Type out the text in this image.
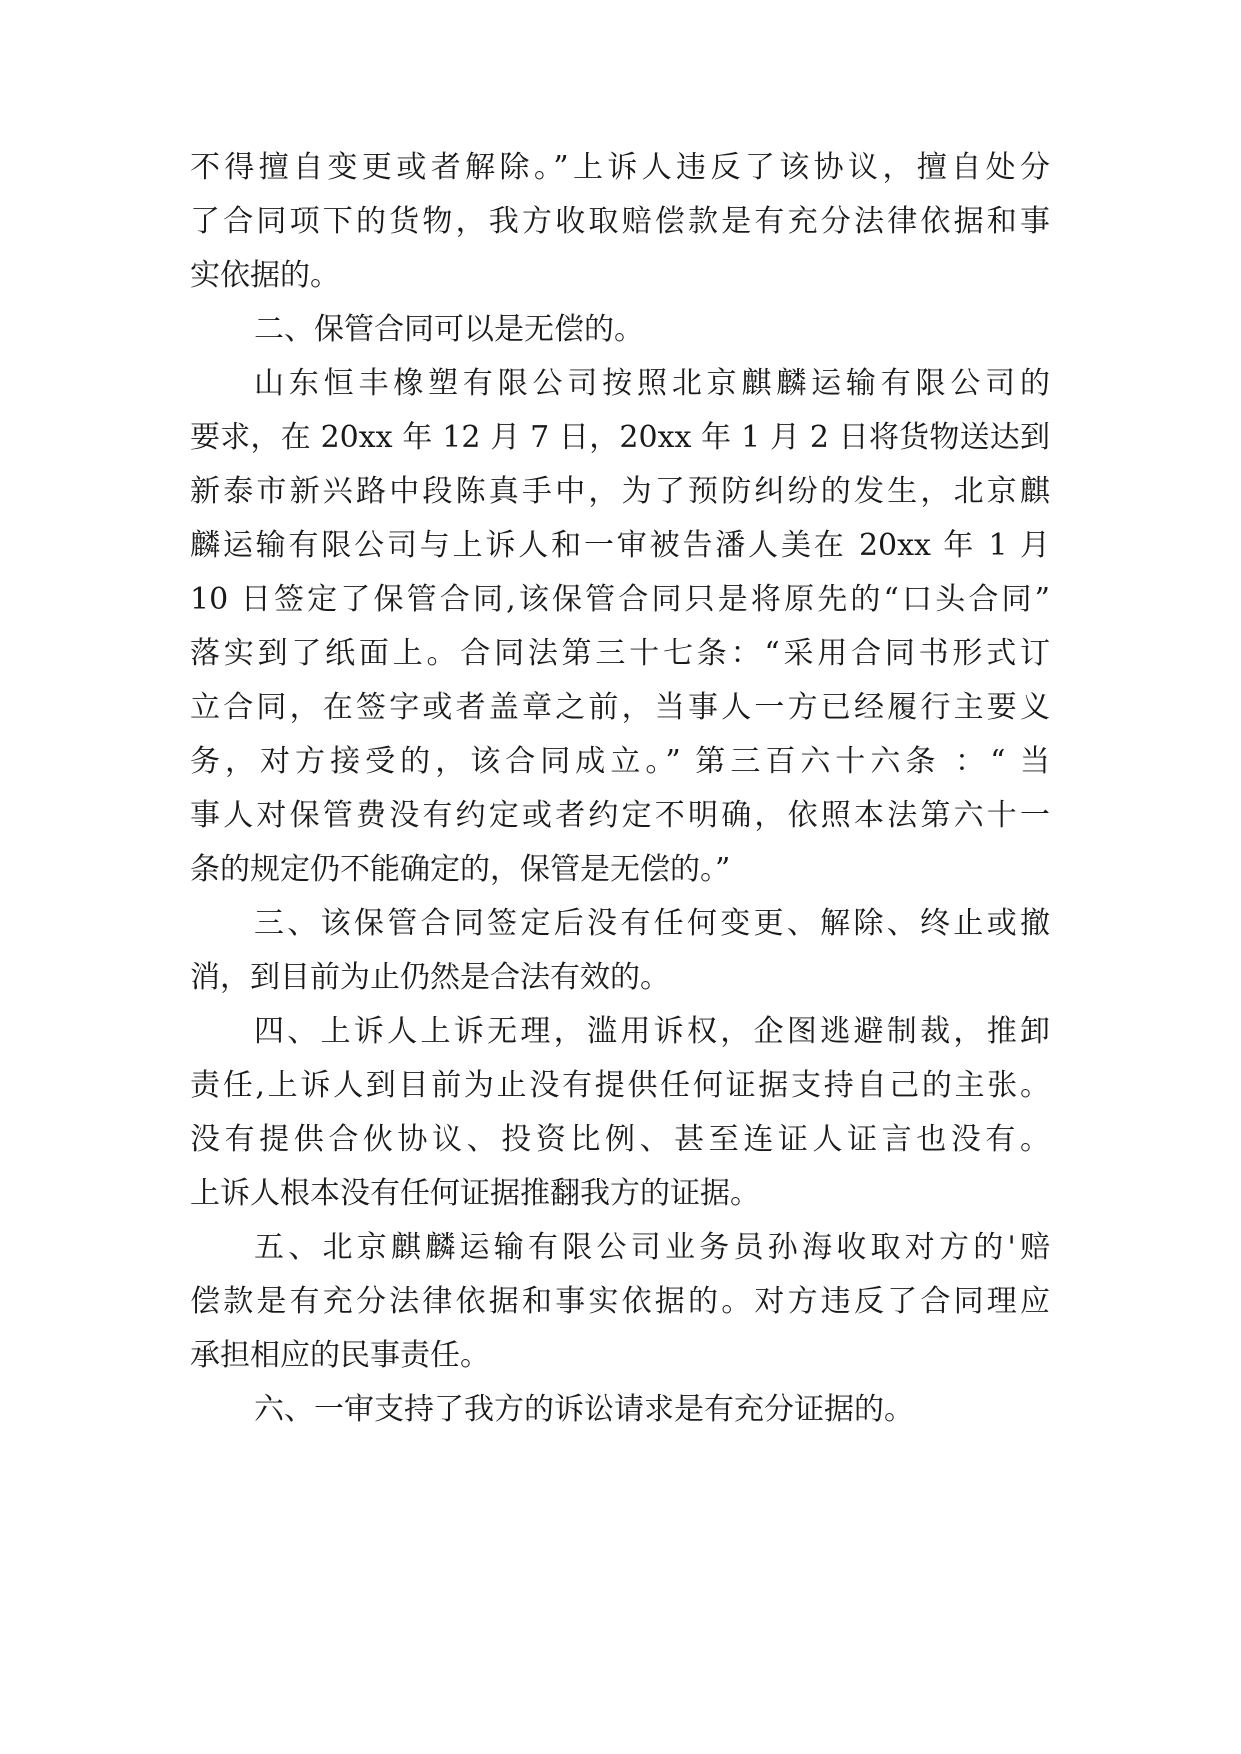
不得擅自变更或者解除。”上诉人违反了该协议，擅自处分
了合同项下的货物，我方收取赔偿款是有充分法律依据和事
实依据的。
二、保管合同可以是无偿的。
山东恒丰橡塑有限公司按照北京麒麟运输有限公司的
要求，在 20xx 年 12 月 7 日，20xx 年 1 月 2 日将货物送达到
新泰市新兴路中段陈真手中，为了预防纠纷的发生，北京麒
麟运输有限公司与上诉人和一审被告潘人美在 20xx 年 1 月
10 日签定了保管合同,该保管合同只是将原先的“口头合同”
落实到了纸面上。合同法第三十七条：“采用合同书形式订
立合同，在签字或者盖章之前，当事人一方已经履行主要义
务，对方接受的，该合同成立。” 第三百六十六条 ：“ 当
事人对保管费没有约定或者约定不明确，依照本法第六十一
条的规定仍不能确定的，保管是无偿的。”
三、该保管合同签定后没有任何变更、解除、终止或撤
消，到目前为止仍然是合法有效的。
四、上诉人上诉无理，滥用诉权，企图逃避制裁，推卸
责任,上诉人到目前为止没有提供任何证据支持自己的主张。
没有提供合伙协议、投资比例、甚至连证人证言也没有。
上诉人根本没有任何证据推翻我方的证据。
五、北京麒麟运输有限公司业务员孙海收取对方的'赔
偿款是有充分法律依据和事实依据的。对方违反了合同理应
承担相应的民事责任。
六、一审支持了我方的诉讼请求是有充分证据的。
